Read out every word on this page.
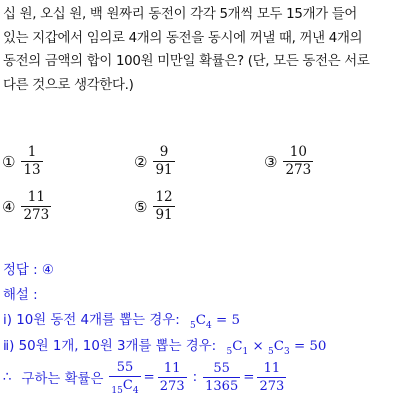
십 원, 오십 원, 백 원짜리 동전이 각각 5개씩 모두 15개가 들어
있는 지갑에서 임의로 4개의 동전을 동시에 꺼낼 때, 꺼낸 4개의
동전의 금액의 합이 100원 미만일 확률은? (단, 모든 동전은 서로
다른 것으로 생각한다.)
① $\frac{1}{13}$	② $\frac{9}{91}$	③ $\frac{10}{273}$
④ $\frac{11}{273}$	⑤ $\frac{12}{91}$
정답 : ④
해설 :
ⅰ) 10원 동전 4개를 뽑는 경우: $_5C_4 = 5$
ⅱ) 50원 1개, 10원 3개를 뽑는 경우: $_5C_1 \times _5C_3 = 50$
∴ 구하는 확률은 $\frac{55}{_{15}C_4} = \frac{11}{273}$ : $\frac{55}{1365} = \frac{11}{273}$
